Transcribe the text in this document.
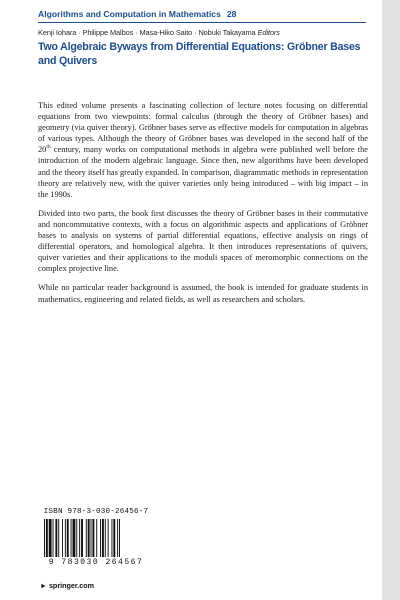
Algorithms and Computation in Mathematics 28
Kenji Iohara · Philippe Malbos · Masa-Hiko Saito · Nobuki Takayama Editors
Two Algebraic Byways from Differential Equations: Gröbner Bases and Quivers

This edited volume presents a fascinating collection of lecture notes focusing on differential equations from two viewpoints: formal calculus (through the theory of Gröbner bases) and geometry (via quiver theory). Gröbner bases serve as effective models for computation in algebras of various types. Although the theory of Gröbner bases was developed in the second half of the 20th century, many works on computational methods in algebra were published well before the introduction of the modern algebraic language. Since then, new algorithms have been developed and the theory itself has greatly expanded. In comparison, diagrammatic methods in representation theory are relatively new, with the quiver varieties only being introduced – with big impact – in the 1990s.

Divided into two parts, the book first discusses the theory of Gröbner bases in their commutative and noncommutative contexts, with a focus on algorithmic aspects and applications of Gröbner bases to analysis on systems of partial differential equations, effective analysis on rings of differential operators, and homological algebra. It then introduces representations of quivers, quiver varieties and their applications to the moduli spaces of meromorphic connections on the complex projective line.

While no particular reader background is assumed, the book is intended for graduate students in mathematics, engineering and related fields, as well as researchers and scholars.

ISBN 978-3-030-26456-7
9 783030 264567
► springer.com
